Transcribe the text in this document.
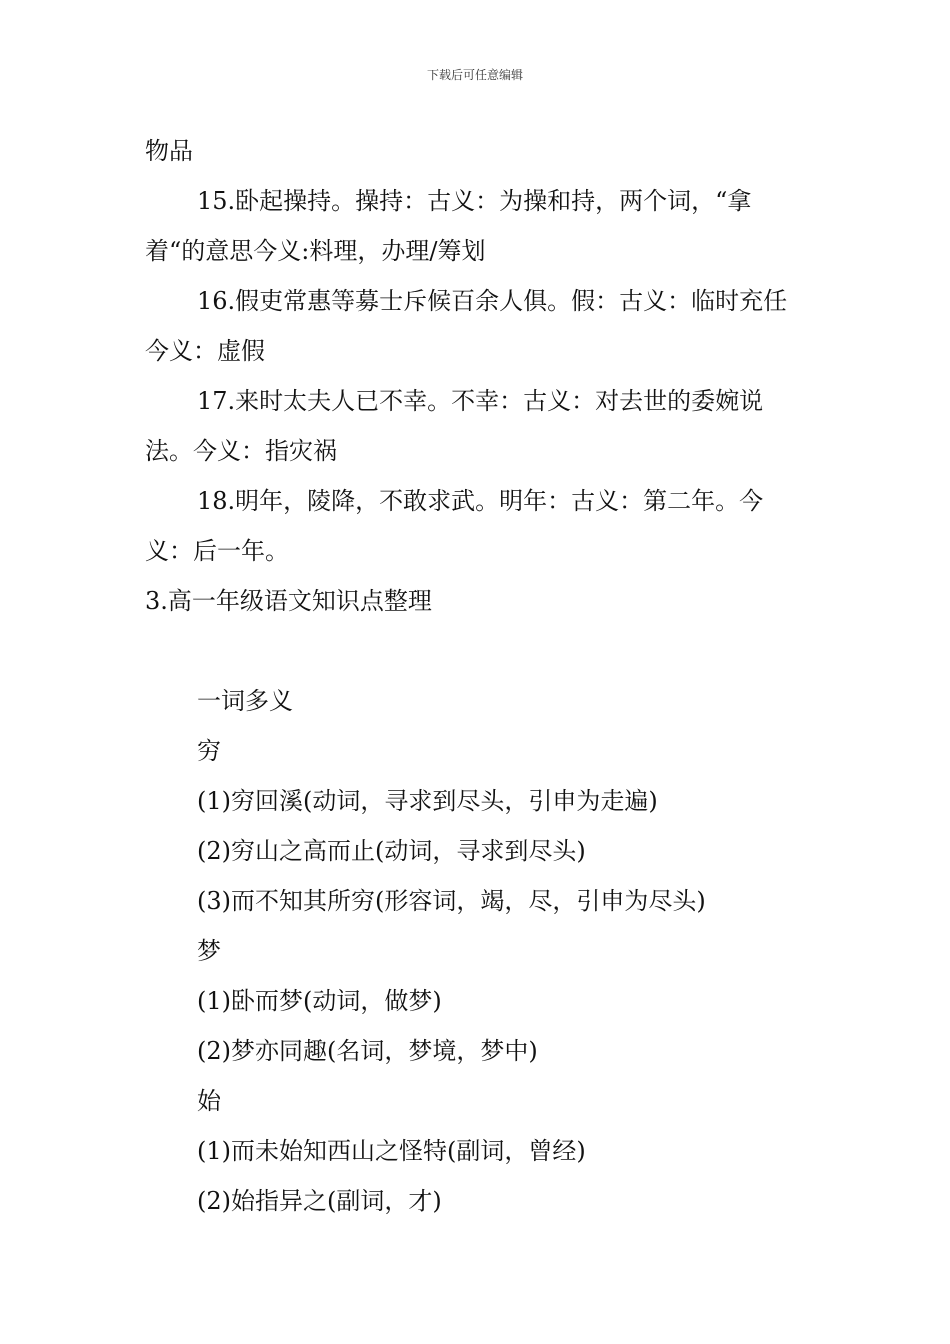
下载后可任意编辑

物品

15.卧起操持。操持：古义：为操和持，两个词，“拿着“的意思今义:料理，办理/筹划

16.假吏常惠等募士斥候百余人俱。假：古义：临时充任今义：虚假

17.来时太夫人已不幸。不幸：古义：对去世的委婉说法。今义：指灾祸

18.明年，陵降，不敢求武。明年：古义：第二年。今义：后一年。

3.高一年级语文知识点整理

一词多义

穷

(1)穷回溪(动词，寻求到尽头，引申为走遍)

(2)穷山之高而止(动词，寻求到尽头)

(3)而不知其所穷(形容词，竭，尽，引申为尽头)

梦

(1)卧而梦(动词，做梦)

(2)梦亦同趣(名词，梦境，梦中)

始

(1)而未始知西山之怪特(副词，曾经)

(2)始指异之(副词，才)
